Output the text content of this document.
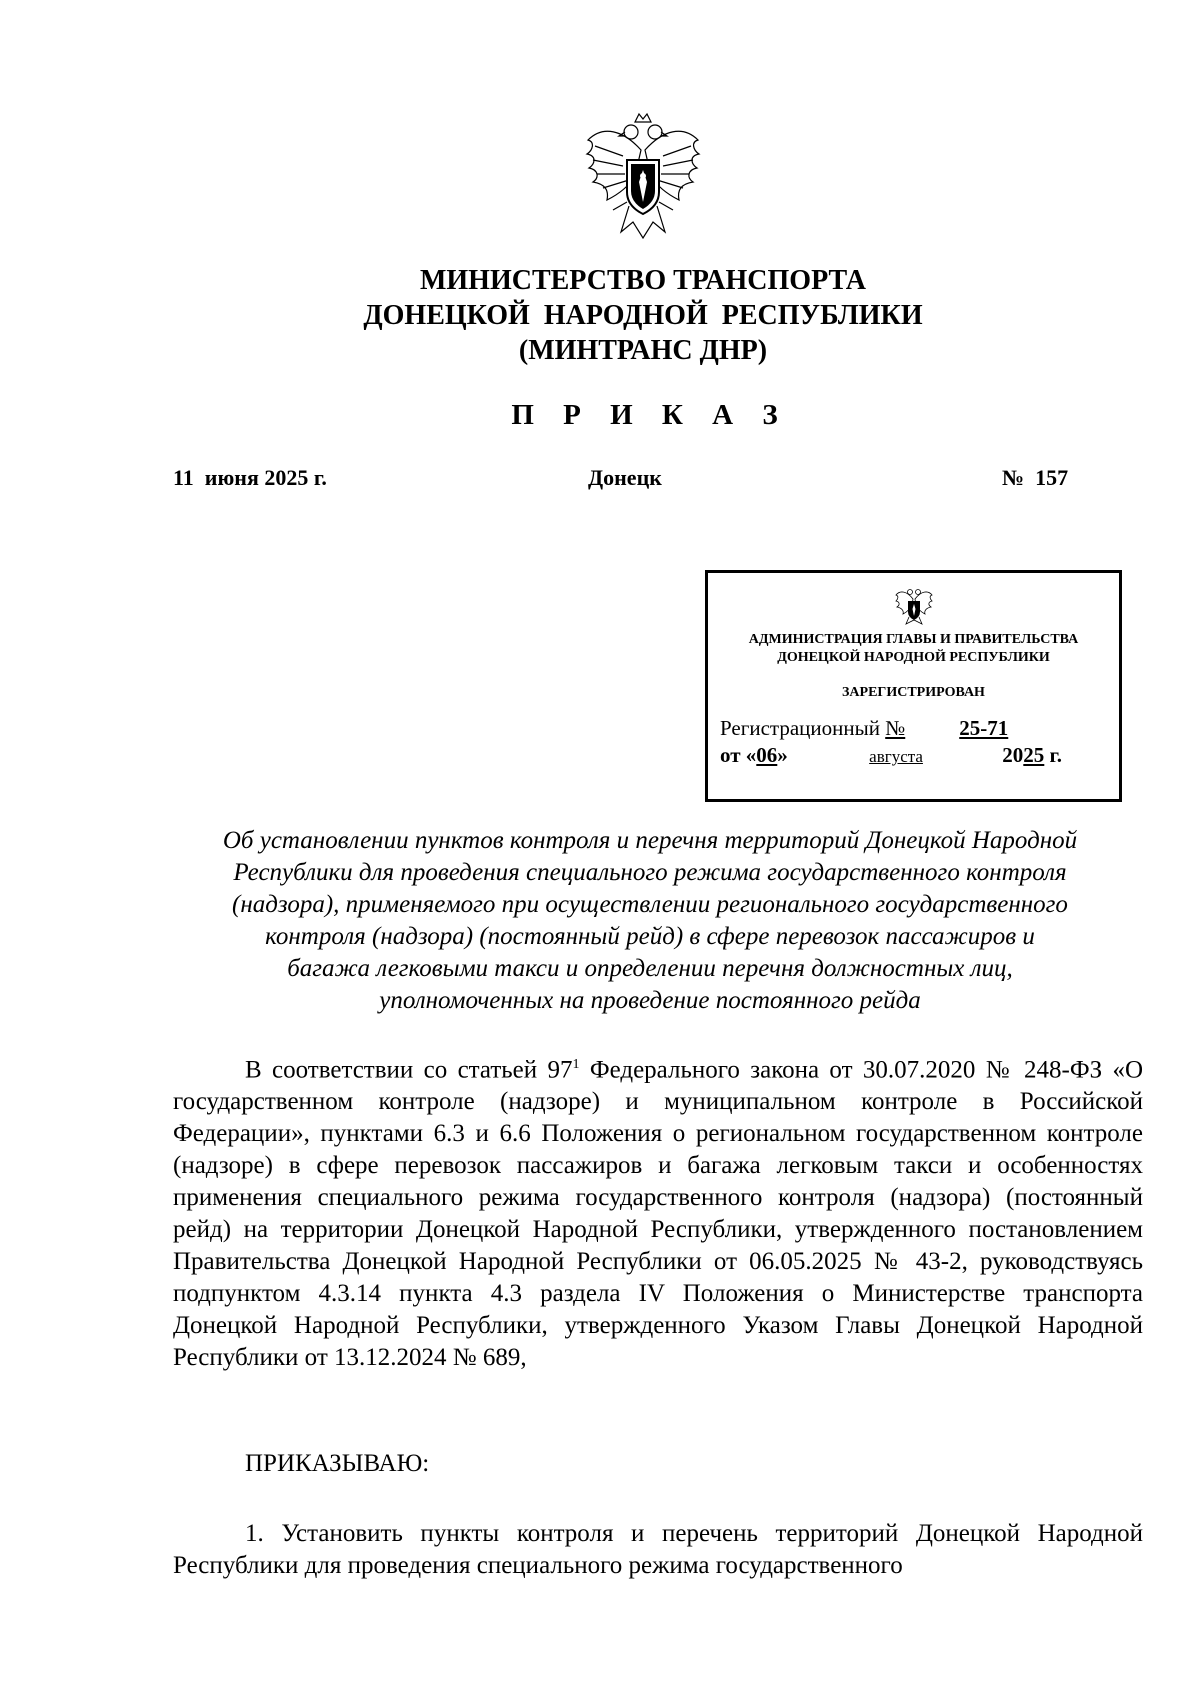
МИНИСТЕРСТВО ТРАНСПОРТА
ДОНЕЦКОЙ  НАРОДНОЙ  РЕСПУБЛИКИ
(МИНТРАНС ДНР)
П Р И К А З
11  июня 2025 г.	Донецк	№  157
АДМИНИСТРАЦИЯ ГЛАВЫ И ПРАВИТЕЛЬСТВА
ДОНЕЦКОЙ НАРОДНОЙ РЕСПУБЛИКИ
ЗАРЕГИСТРИРОВАН
Регистрационный №	25-71
от «06»	августа	2025 г.
Об установлении пунктов контроля и перечня территорий Донецкой Народной
Республики для проведения специального режима государственного контроля
(надзора), применяемого при осуществлении регионального государственного
контроля (надзора) (постоянный рейд) в сфере перевозок пассажиров и
багажа легковыми такси и определении перечня должностных лиц,
уполномоченных на проведение постоянного рейда

В соответствии со статьей $97^1$ Федерального закона от 30.07.2020 № 248-ФЗ «О государственном контроле (надзоре) и муниципальном контроле в Российской Федерации», пунктами 6.3 и 6.6 Положения о региональном государственном контроле (надзоре) в сфере перевозок пассажиров и багажа легковым такси и особенностях применения специального режима государственного контроля (надзора) (постоянный рейд) на территории Донецкой Народной Республики, утвержденного постановлением Правительства Донецкой Народной Республики от 06.05.2025 № 43-2, руководствуясь подпунктом 4.3.14 пункта 4.3 раздела IV Положения о Министерстве транспорта Донецкой Народной Республики, утвержденного Указом Главы Донецкой Народной Республики от 13.12.2024 № 689,

ПРИКАЗЫВАЮ:

1. Установить пункты контроля и перечень территорий Донецкой Народной Республики для проведения специального режима государственного
